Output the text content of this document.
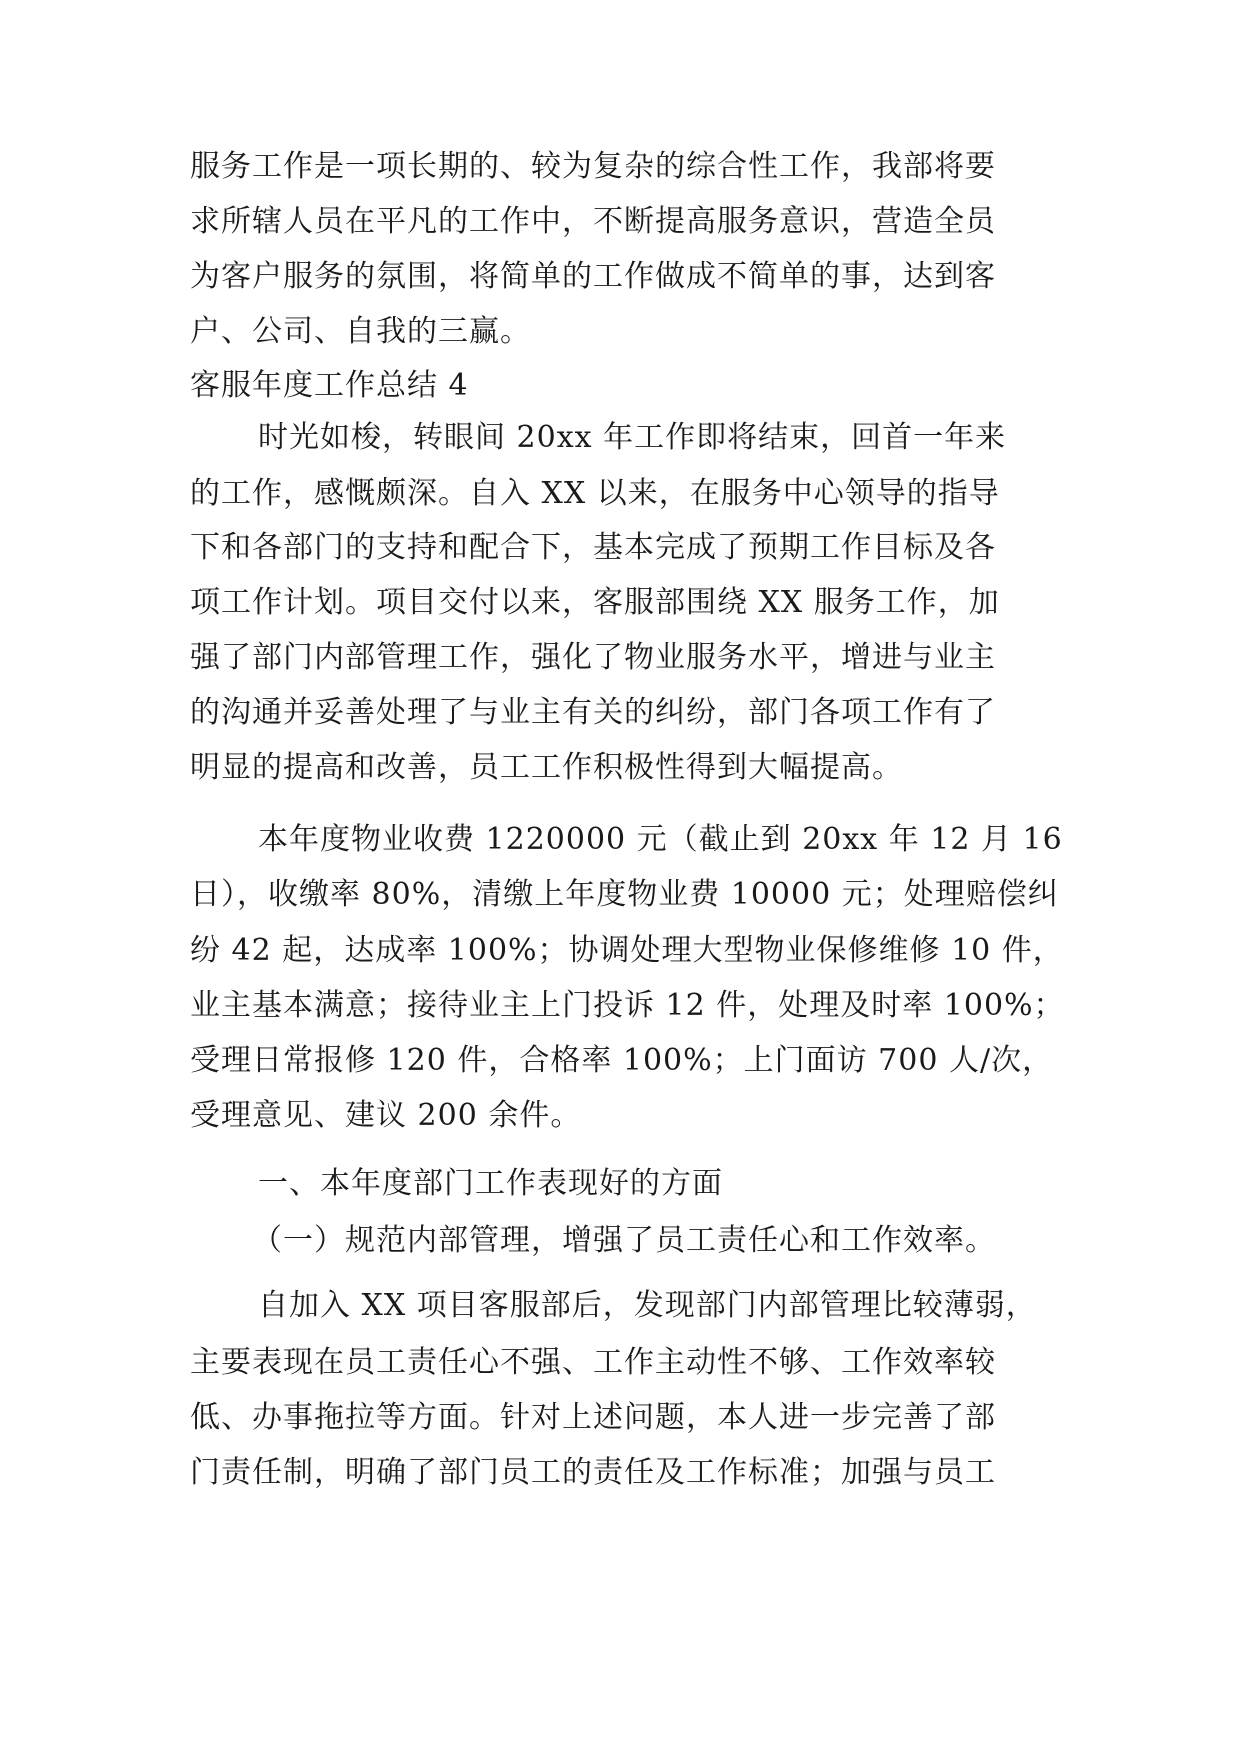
服务工作是一项长期的、较为复杂的综合性工作，我部将要
求所辖人员在平凡的工作中，不断提高服务意识，营造全员
为客户服务的氛围，将简单的工作做成不简单的事，达到客
户、公司、自我的三赢。
客服年度工作总结 4
时光如梭，转眼间 20xx 年工作即将结束，回首一年来
的工作，感慨颇深。自入 XX 以来，在服务中心领导的指导
下和各部门的支持和配合下，基本完成了预期工作目标及各
项工作计划。项目交付以来，客服部围绕 XX 服务工作，加
强了部门内部管理工作，强化了物业服务水平，增进与业主
的沟通并妥善处理了与业主有关的纠纷，部门各项工作有了
明显的提高和改善，员工工作积极性得到大幅提高。
本年度物业收费 1220000 元（截止到 20xx 年 12 月 16
日），收缴率 80%，清缴上年度物业费 10000 元；处理赔偿纠
纷 42 起，达成率 100%；协调处理大型物业保修维修 10 件，
业主基本满意；接待业主上门投诉 12 件，处理及时率 100%；
受理日常报修 120 件，合格率 100%；上门面访 700 人/次，
受理意见、建议 200 余件。
一、本年度部门工作表现好的方面
（一）规范内部管理，增强了员工责任心和工作效率。
自加入 XX 项目客服部后，发现部门内部管理比较薄弱，
主要表现在员工责任心不强、工作主动性不够、工作效率较
低、办事拖拉等方面。针对上述问题，本人进一步完善了部
门责任制，明确了部门员工的责任及工作标准；加强与员工
